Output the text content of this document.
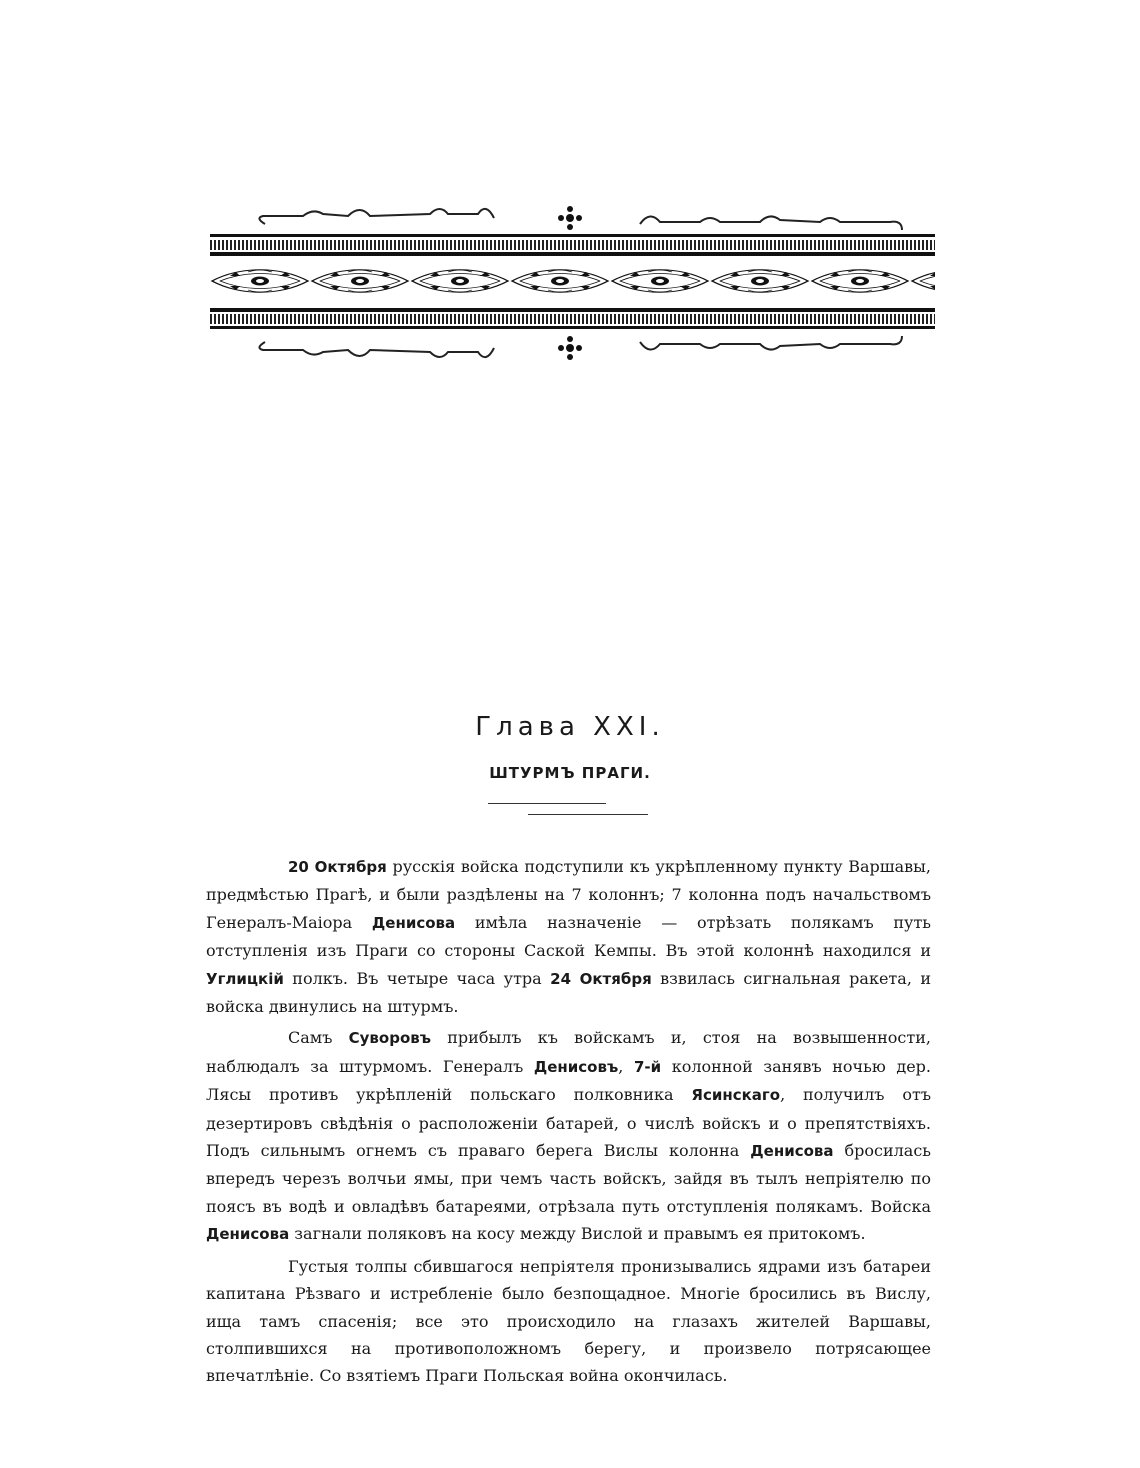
Глава XXI.
ШТУРМЪ ПРАГИ.

20 Октября русскія войска подступили къ укрѣпленному пункту Варшавы, предмѣстью Прагѣ, и были раздѣлены на 7 колоннъ; 7 колонна подъ начальствомъ Генералъ-Маіора Денисова имѣла назначеніе — отрѣзать полякамъ путь отступленія изъ Праги со стороны Саской Кемпы. Въ этой колоннѣ находился и Углицкій полкъ. Въ четыре часа утра 24 Октября взвилась сигнальная ракета, и войска двинулись на штурмъ.

Самъ Суворовъ прибылъ къ войскамъ и, стоя на возвышенности, наблюдалъ за штурмомъ. Генералъ Денисовъ, 7-й колонной занявъ ночью дер. Лясы противъ укрѣпленій польскаго полковника Ясинскаго, получилъ отъ дезертировъ свѣдѣнія о расположеніи батарей, о числѣ войскъ и о препятствіяхъ. Подъ сильнымъ огнемъ съ праваго берега Вислы колонна Денисова бросилась впередъ черезъ волчьи ямы, при чемъ часть войскъ, зайдя въ тылъ непріятелю по поясъ въ водѣ и овладѣвъ батареями, отрѣзала путь отступленія полякамъ. Войска Денисова загнали поляковъ на косу между Вислой и правымъ ея притокомъ.

Густыя толпы сбившагося непріятеля пронизывались ядрами изъ батареи капитана Рѣзваго и истребленіе было безпощадное. Многіе бросились въ Вислу, ища тамъ спасенія; все это происходило на глазахъ жителей Варшавы, столпившихся на противоположномъ берегу, и произвело потрясающее впечатлѣніе. Со взятіемъ Праги Польская война окончилась.
